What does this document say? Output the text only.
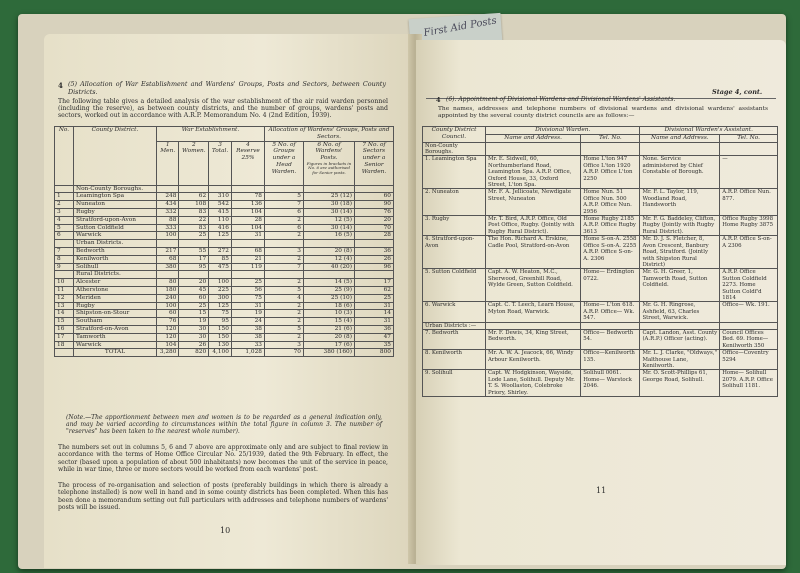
First Aid Posts
4 (5) Allocation of War Establishment and Wardens' Groups, Posts and Sectors, between County Districts.
The following table gives a detailed analysis of the war establishment of the air raid warden personnel (including the reserve), as between county districts, and the number of groups, wardens' posts and sectors, worked out in accordance with A.R.P. Memorandum No. 4 (2nd Edition, 1939).
No.	County District.	War Establishment.				Allocation of Wardens' Groups, Posts and Sectors.		
		1 Men.	2 Women.	3 Total.	4 Reserve 25%	5 No. of Groups under a Head Warden.	6 No. of Wardens' Posts.
Figures in brackets in No. 6 are authorised for Senior posts.	7 No. of Sectors under a Senior Warden.
	Non-County Boroughs.							
1	Leamington Spa	248	62	310	78	5	25 (12)	60
2	Nuneaton	434	108	542	136	7	30 (18)	90
3	Rugby	332	83	415	104	6	30 (14)	76
4	Stratford-upon-Avon	88	22	110	28	2	12 (5)	20
5	Sutton Coldfield	333	83	416	104	6	30 (14)	70
6	Warwick	100	25	125	31	2	16 (5)	28
	Urban Districts.							
7	Bedworth	217	55	272	68	3	20 (8)	36
8	Kenilworth	68	17	85	21	2	12 (4)	26
9	Solihull	380	95	475	119	7	40 (20)	96
	Rural Districts.							
10	Alcester	80	20	100	25	2	14 (5)	17
11	Atherstone	180	45	225	56	5	25 (9)	62
12	Meriden	240	60	300	75	4	25 (10)	25
13	Rugby	100	25	125	31	2	18 (6)	31
14	Shipston-on-Stour	60	15	75	19	2	10 (3)	14
15	Southam	76	19	95	24	2	15 (4)	31
16	Stratford-on-Avon	120	30	150	38	5	21 (6)	36
17	Tamworth	120	30	150	38	2	20 (8)	47
18	Warwick	104	26	130	33	3	17 (6)	35
	TOTAL	3,280	820	4,100	1,028	70	380 (160)	800
(Note.—The apportionment between men and women is to be regarded as a general indication only, and may be varied according to circumstances within the total figure in column 3. The number of "reserves" has been taken to the nearest whole number).
The numbers set out in columns 5, 6 and 7 above are approximate only and are subject to final review in accordance with the terms of Home Office Circular No. 25/1939, dated the 9th February. In effect, the sector (based upon a population of about 500 inhabitants) now becomes the unit of the service in peace, while in war time, three or more sectors would be worked from each wardens' post.
The process of re-organisation and selection of posts (preferably buildings in which there is already a telephone installed) is now well in hand and in some county districts has been completed. When this has been done a memorandum setting out full particulars with addresses and telephone numbers of wardens' posts will be issued.
10
Stage 4, cont.
4 (6). Appointment of Divisional Wardens and Divisional Wardens' Assistants.
The names, addresses and telephone numbers of divisional wardens and divisional wardens' assistants appointed by the several county district councils are as follows:—
County District Council.	Divisional Warden.		Divisional Warden's Assistant.	
	Name and Address.	Tel. No.	Name and Address.	Tel. No.
Non-County Boroughs.				
1. Leamington Spa	Mr. E. Sidwell, 60, Northumberland Road, Leamington Spa. A.R.P. Office, Oxford House, 33, Oxford Street, L'ton Spa.	Home L'ton 947 Office L'ton 1920 A.R.P. Office L'ton 2250	None. Service administered by Chief Constable of Borough.	—
2. Nuneaton	Mr. F. A. Jellicoate, Newdigate Street, Nuneaton	Home Nun. 51 Office Nun. 500 A.R.P. Office Nun. 2956	Mr. F. L. Taylor, 119, Woodland Road, Handsworth	A.R.P. Office Nun. 877.
3. Rugby	Mr. T. Bird, A.R.P. Office, Old Post Office, Rugby. (Jointly with Rugby Rural District).	Home Rugby 2185 A.R.P. Office Rugby 3613	Mr. F. G. Baddeley, Clifton, Rugby (Jointly with Rugby Rural District).	Office Rugby 3998 Home Rugby 3875
4. Stratford-upon-Avon	The Hon. Richard A. Erskine, Cadle Pool, Stratford-on-Avon	Home S-on-A. 2558 Office S-on-A. 2255 A.R.P. Office S-on-A. 2306	Mr. D. J. S. Fletcher, 8, Avon Crescent, Banbury Road, Stratford. (Jointly with Shipston Rural District)	A.R.P. Office S-on-A 2306
5. Sutton Coldfield	Capt. A. W. Heaton, M.C., Sherwood, Greenhill Road, Wylde Green, Sutton Coldfield.	Home— Erdington 0722.	Mr. G. H. Greer, 1, Tamworth Road, Sutton Coldfield.	A.R.P. Office Sutton Coldfield 2273. Home Sutton Coldf'd 1814
6. Warwick	Capt. C. T. Leech, Learn House, Myton Road, Warwick.	Home— L'ton 618. A.R.P. Office— Wk. 547.	Mr. G. H. Ringrose, Ashfield, 63, Charles Street, Warwick.	Office— Wk. 191.
Urban Districts :—				
7. Bedworth	Mr. F. Dewis, 34, King Street, Bedworth.	Office— Bedworth 54.	Capt. Landon, Asst. County (A.R.P.) Officer (acting).	Council Offices Bed. 69. Home—Kenilworth 350
8. Kenilworth	Mr. A. W. A. Jeacock, 66, Windy Arbour Kenilworth.	Office—Kenilworth 135.	Mr. L. J. Clarke, "Oldways," Malthouse Lane, Kenilworth.	Office—Coventry 5294
9. Solihull	Capt. W. Hodgkinson, Wayside, Lode Lane, Solihull. Deputy Mr. T. S. Woollaston, Colebroke Priory, Shirley.	Solihull 0061. Home— Warstock 2046.	Mr. O. Scott-Phillips 61, George Road, Solihull.	Home— Solihull 2079. A.R.P. Office Solihull 1181.
11
